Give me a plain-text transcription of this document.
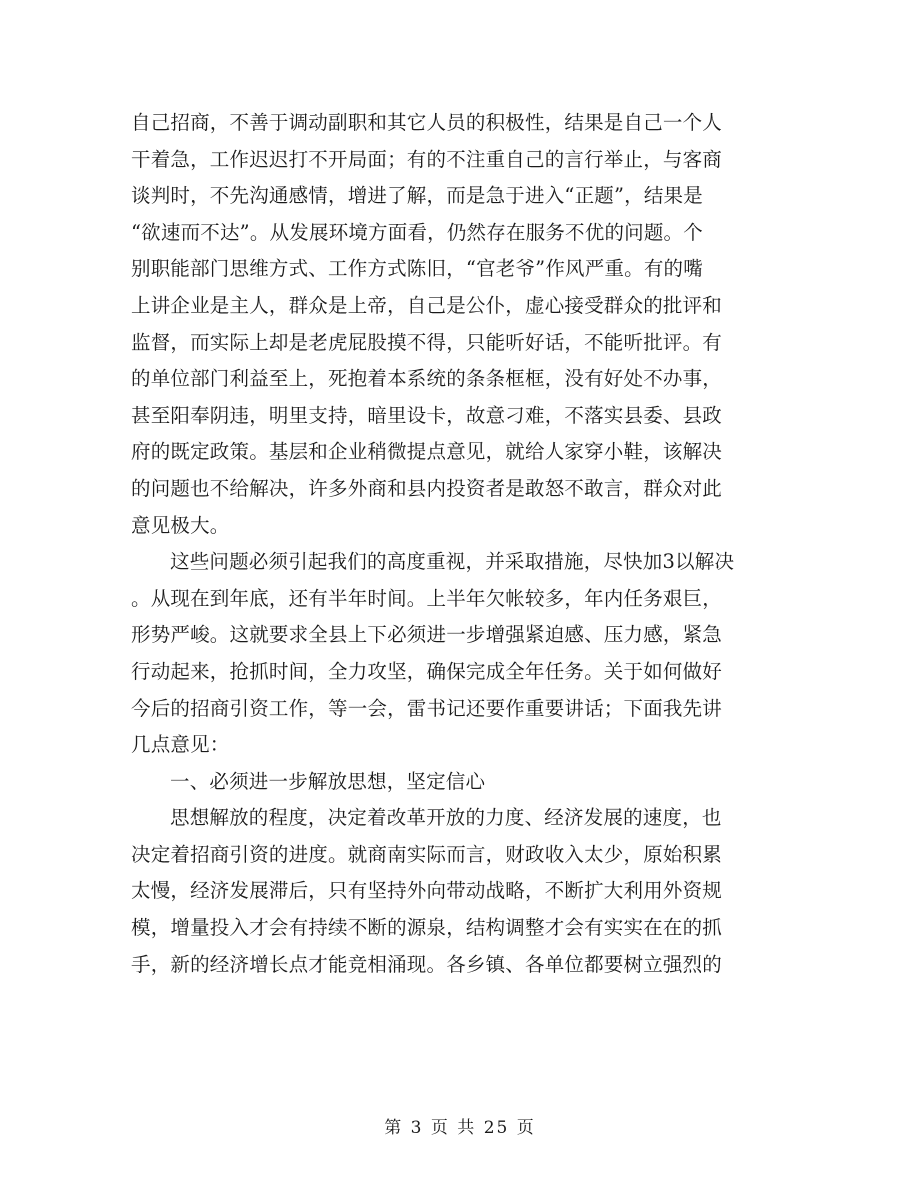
自己招商，不善于调动副职和其它人员的积极性，结果是自己一个人
干着急，工作迟迟打不开局面；有的不注重自己的言行举止，与客商
谈判时，不先沟通感情，增进了解，而是急于进入“正题”，结果是
“欲速而不达”。从发展环境方面看，仍然存在服务不优的问题。个
别职能部门思维方式、工作方式陈旧，“官老爷”作风严重。有的嘴
上讲企业是主人，群众是上帝，自己是公仆，虚心接受群众的批评和
监督，而实际上却是老虎屁股摸不得，只能听好话，不能听批评。有
的单位部门利益至上，死抱着本系统的条条框框，没有好处不办事，
甚至阳奉阴违，明里支持，暗里设卡，故意刁难，不落实县委、县政
府的既定政策。基层和企业稍微提点意见，就给人家穿小鞋，该解决
的问题也不给解决，许多外商和县内投资者是敢怒不敢言，群众对此
意见极大。
这些问题必须引起我们的高度重视，并采取措施，尽快加3以解决
。从现在到年底，还有半年时间。上半年欠帐较多，年内任务艰巨，
形势严峻。这就要求全县上下必须进一步增强紧迫感、压力感，紧急
行动起来，抢抓时间，全力攻坚，确保完成全年任务。关于如何做好
今后的招商引资工作，等一会，雷书记还要作重要讲话；下面我先讲
几点意见：
一、必须进一步解放思想，坚定信心
思想解放的程度，决定着改革开放的力度、经济发展的速度，也
决定着招商引资的进度。就商南实际而言，财政收入太少，原始积累
太慢，经济发展滞后，只有坚持外向带动战略，不断扩大利用外资规
模，增量投入才会有持续不断的源泉，结构调整才会有实实在在的抓
手，新的经济增长点才能竞相涌现。各乡镇、各单位都要树立强烈的
第 3 页 共 25 页
